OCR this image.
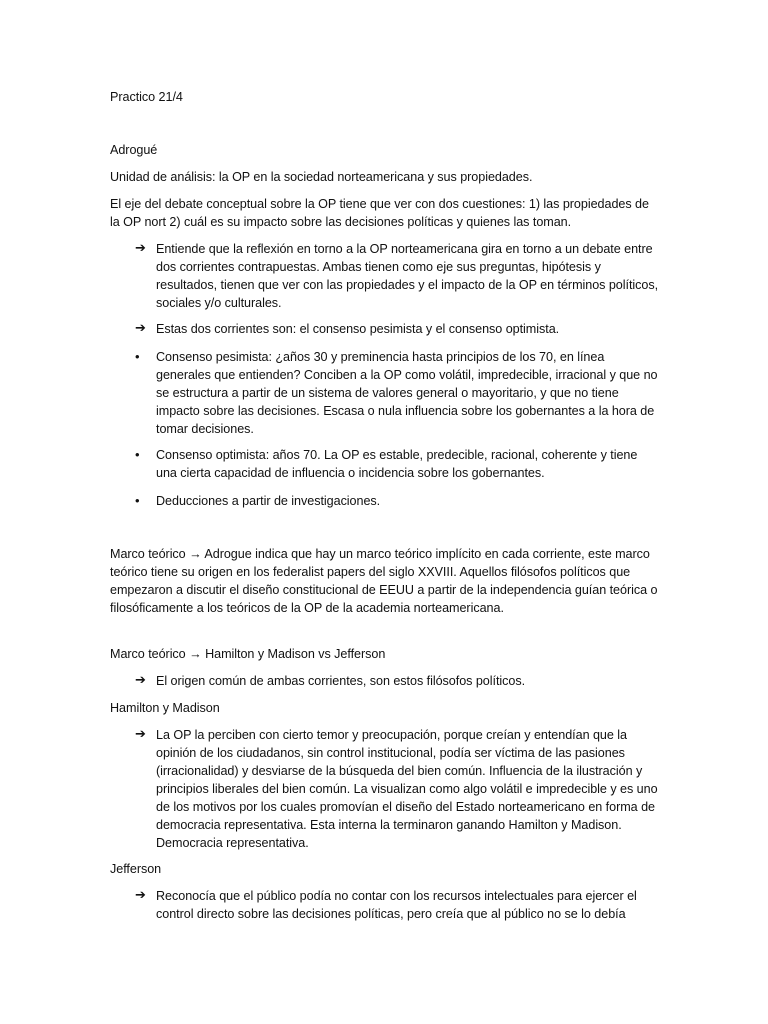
Practico 21/4

Adrogué

Unidad de análisis: la OP en la sociedad norteamericana y sus propiedades.

El eje del debate conceptual sobre la OP tiene que ver con dos cuestiones: 1) las propiedades de la OP nort 2) cuál es su impacto sobre las decisiones políticas y quienes las toman.

➔ Entiende que la reflexión en torno a la OP norteamericana gira en torno a un debate entre dos corrientes contrapuestas. Ambas tienen como eje sus preguntas, hipótesis y resultados, tienen que ver con las propiedades y el impacto de la OP en términos políticos, sociales y/o culturales.
➔ Estas dos corrientes son: el consenso pesimista y el consenso optimista.
•	Consenso pesimista: ¿años 30 y preminencia hasta principios de los 70, en línea generales que entienden? Conciben a la OP como volátil, impredecible, irracional y que no se estructura a partir de un sistema de valores general o mayoritario, y que no tiene impacto sobre las decisiones. Escasa o nula influencia sobre los gobernantes a la hora de tomar decisiones.
•	Consenso optimista: años 70. La OP es estable, predecible, racional, coherente y tiene una cierta capacidad de influencia o incidencia sobre los gobernantes.
•	Deducciones a partir de investigaciones.

Marco teórico → Adrogue indica que hay un marco teórico implícito en cada corriente, este marco teórico tiene su origen en los federalist papers del siglo XXVIII. Aquellos filósofos políticos que empezaron a discutir el diseño constitucional de EEUU a partir de la independencia guían teórica o filosóficamente a los teóricos de la OP de la academia norteamericana.

Marco teórico → Hamilton y Madison vs Jefferson

➔ El origen común de ambas corrientes, son estos filósofos políticos.

Hamilton y Madison

➔ La OP la perciben con cierto temor y preocupación, porque creían y entendían que la opinión de los ciudadanos, sin control institucional, podía ser víctima de las pasiones (irracionalidad) y desviarse de la búsqueda del bien común. Influencia de la ilustración y principios liberales del bien común. La visualizan como algo volátil e impredecible y es uno de los motivos por los cuales promovían el diseño del Estado norteamericano en forma de democracia representativa. Esta interna la terminaron ganando Hamilton y Madison. Democracia representativa.

Jefferson

➔ Reconocía que el público podía no contar con los recursos intelectuales para ejercer el control directo sobre las decisiones políticas, pero creía que al público no se lo debía
